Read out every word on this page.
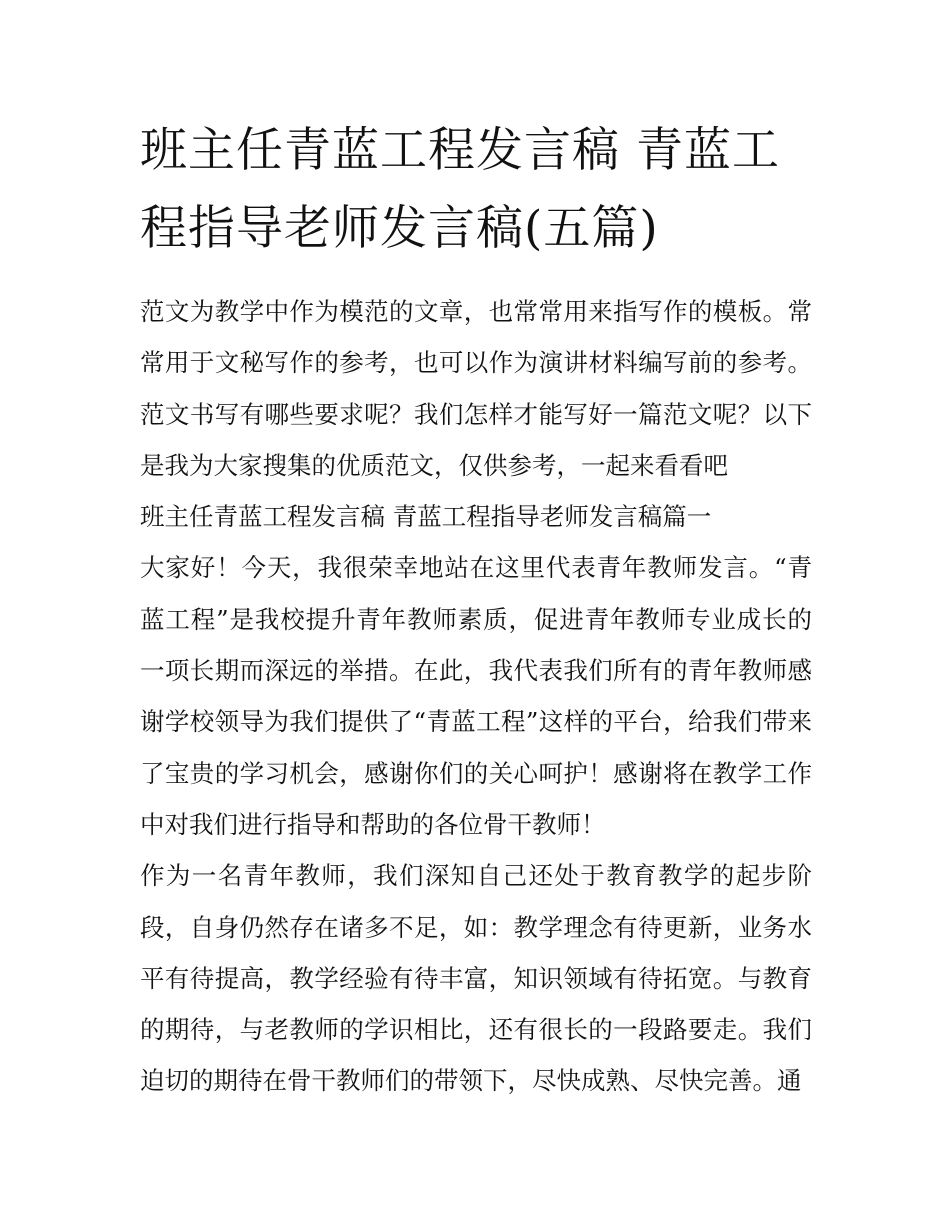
班主任青蓝工程发言稿 青蓝工程指导老师发言稿(五篇)

范文为教学中作为模范的文章，也常常用来指写作的模板。常常用于文秘写作的参考，也可以作为演讲材料编写前的参考。范文书写有哪些要求呢？我们怎样才能写好一篇范文呢？以下是我为大家搜集的优质范文，仅供参考，一起来看看吧

班主任青蓝工程发言稿 青蓝工程指导老师发言稿篇一

大家好！今天，我很荣幸地站在这里代表青年教师发言。“青蓝工程”是我校提升青年教师素质，促进青年教师专业成长的一项长期而深远的举措。在此，我代表我们所有的青年教师感谢学校领导为我们提供了“青蓝工程”这样的平台，给我们带来了宝贵的学习机会，感谢你们的关心呵护！感谢将在教学工作中对我们进行指导和帮助的各位骨干教师！

作为一名青年教师，我们深知自己还处于教育教学的起步阶段，自身仍然存在诸多不足，如：教学理念有待更新，业务水平有待提高，教学经验有待丰富，知识领域有待拓宽。与教育的期待，与老教师的学识相比，还有很长的一段路要走。我们迫切的期待在骨干教师们的带领下，尽快成熟、尽快完善。通
